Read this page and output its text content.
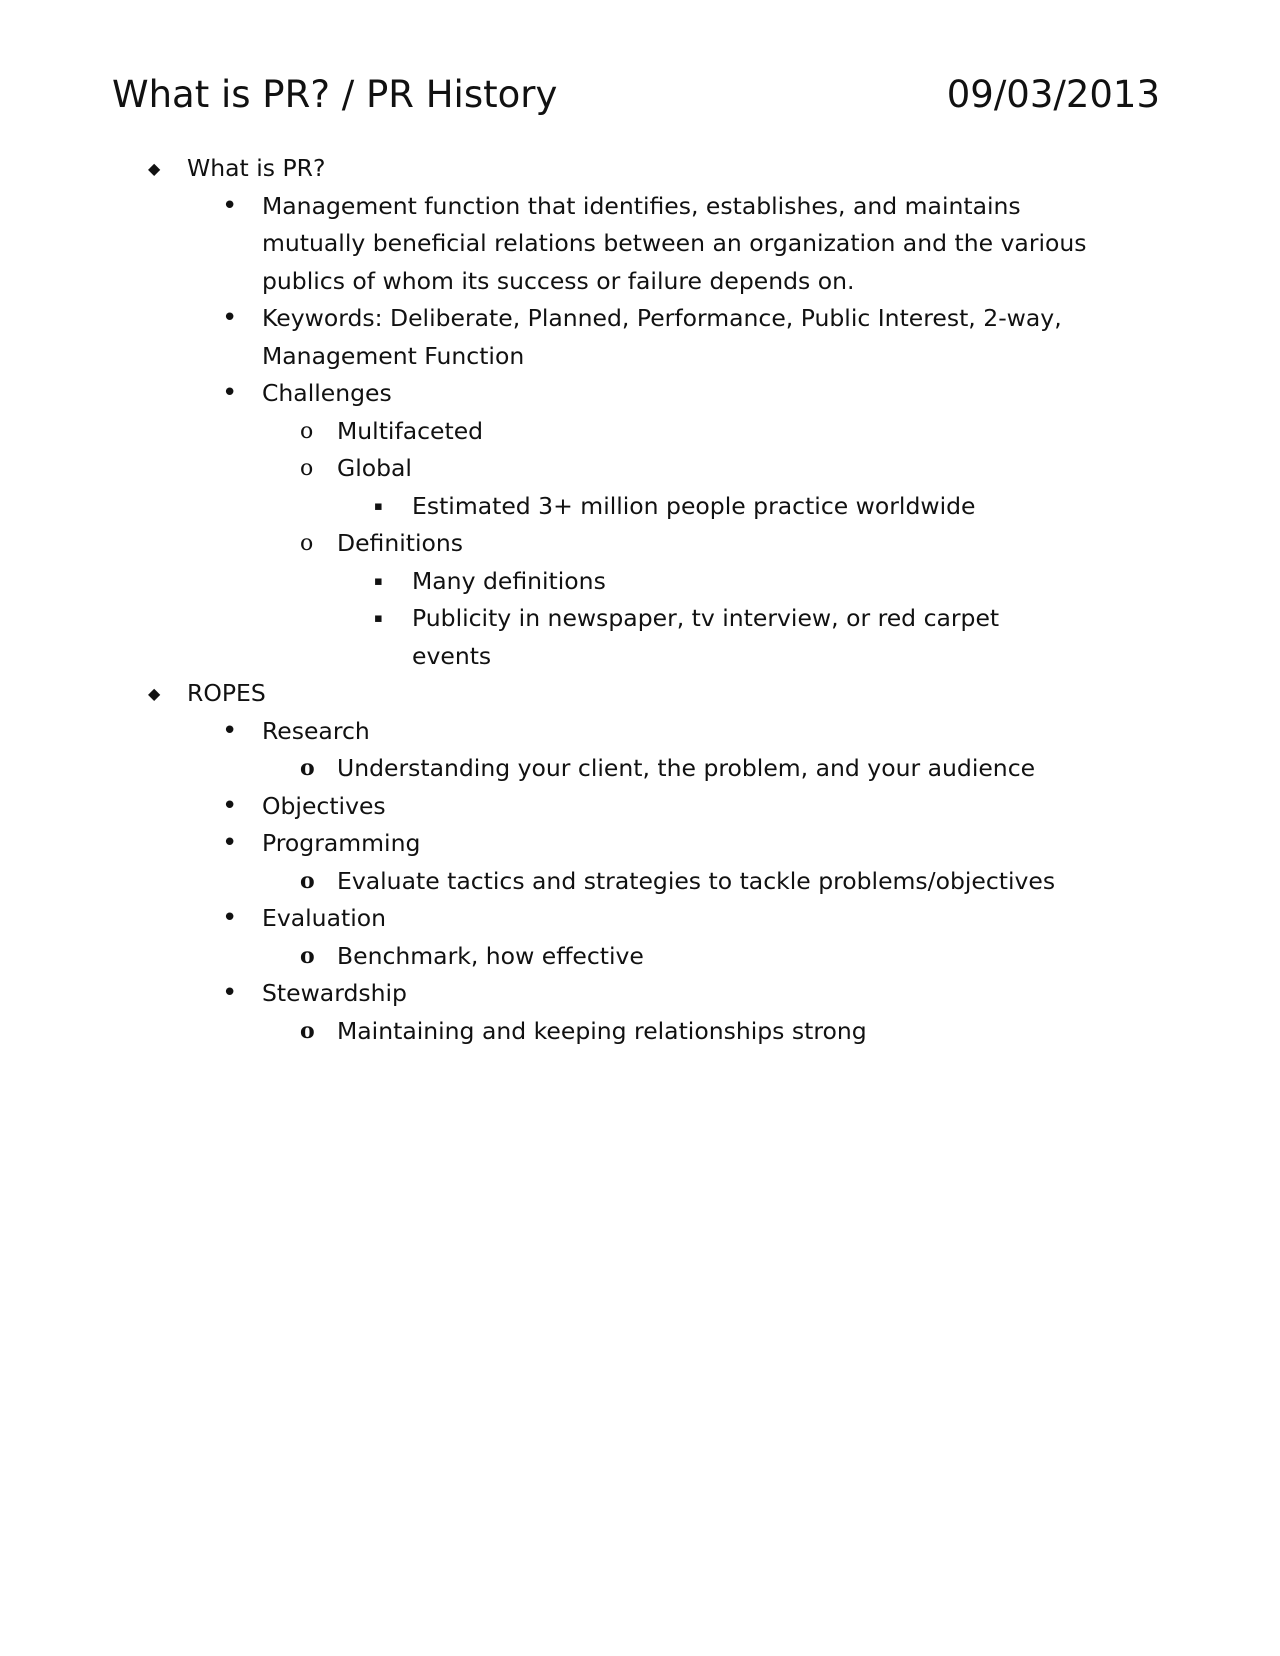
What is PR? / PR History	09/03/2013
◆	What is PR?
•	Management function that identifies, establishes, and maintains mutually beneficial relations between an organization and the various publics of whom its success or failure depends on.
•	Keywords: Deliberate, Planned, Performance, Public Interest, 2-way, Management Function
•	Challenges
o	Multifaceted
o	Global
▪	Estimated 3+ million people practice worldwide
o	Definitions
▪	Many definitions
▪	Publicity in newspaper, tv interview, or red carpet events
◆	ROPES
•	Research
o Understanding your client, the problem, and your audience
•	Objectives
•	Programming
o Evaluate tactics and strategies to tackle problems/objectives
•	Evaluation
o Benchmark, how effective
•	Stewardship
o Maintaining and keeping relationships strong
